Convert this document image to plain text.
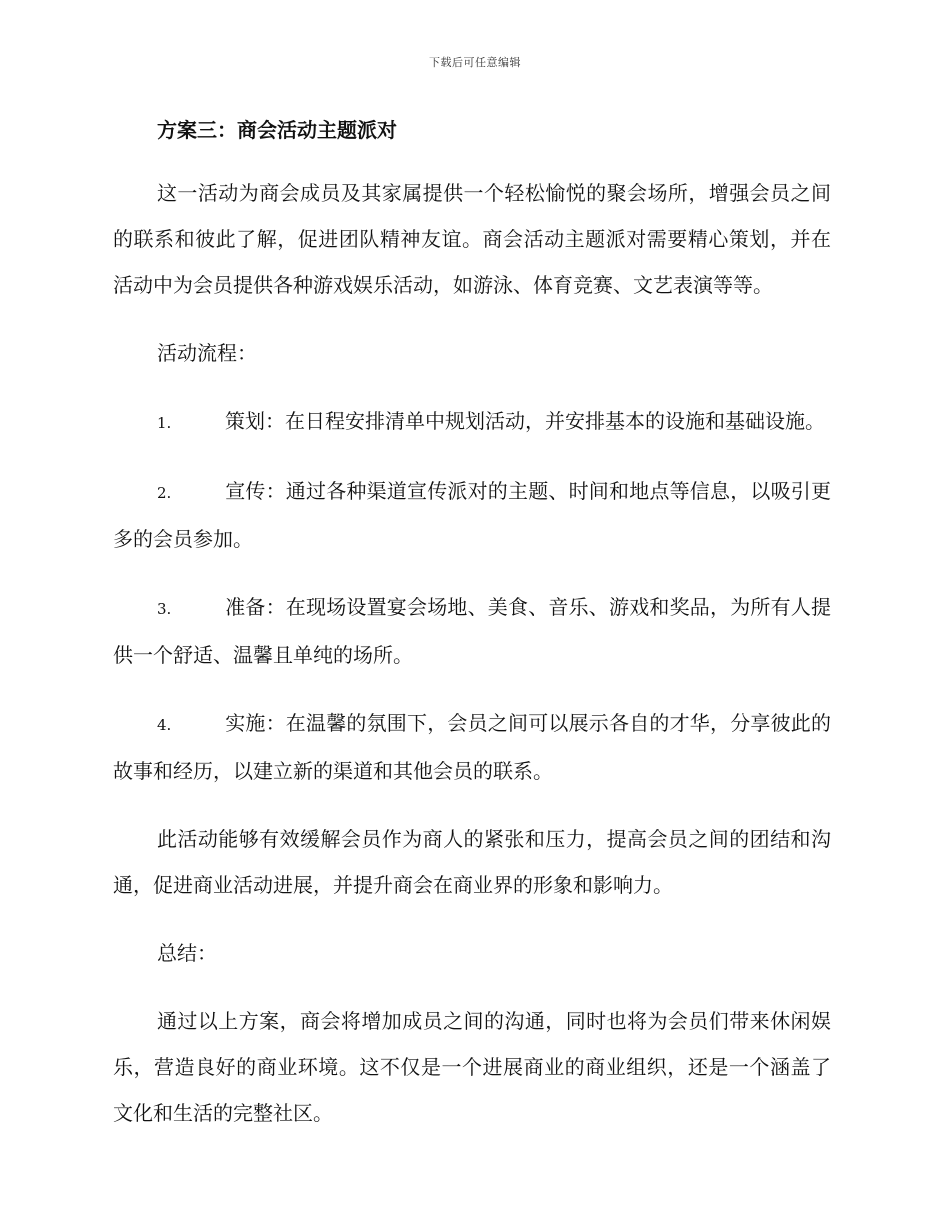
下载后可任意编辑
方案三：商会活动主题派对

这一活动为商会成员及其家属提供一个轻松愉悦的聚会场所，增强会员之间的联系和彼此了解，促进团队精神友谊。商会活动主题派对需要精心策划，并在活动中为会员提供各种游戏娱乐活动，如游泳、体育竞赛、文艺表演等等。

活动流程：

1.	策划：在日程安排清单中规划活动，并安排基本的设施和基础设施。

2.	宣传：通过各种渠道宣传派对的主题、时间和地点等信息，以吸引更多的会员参加。

3.	准备：在现场设置宴会场地、美食、音乐、游戏和奖品，为所有人提供一个舒适、温馨且单纯的场所。

4.	实施：在温馨的氛围下，会员之间可以展示各自的才华，分享彼此的故事和经历，以建立新的渠道和其他会员的联系。

此活动能够有效缓解会员作为商人的紧张和压力，提高会员之间的团结和沟通，促进商业活动进展，并提升商会在商业界的形象和影响力。

总结：

通过以上方案，商会将增加成员之间的沟通，同时也将为会员们带来休闲娱乐，营造良好的商业环境。这不仅是一个进展商业的商业组织，还是一个涵盖了文化和生活的完整社区。
